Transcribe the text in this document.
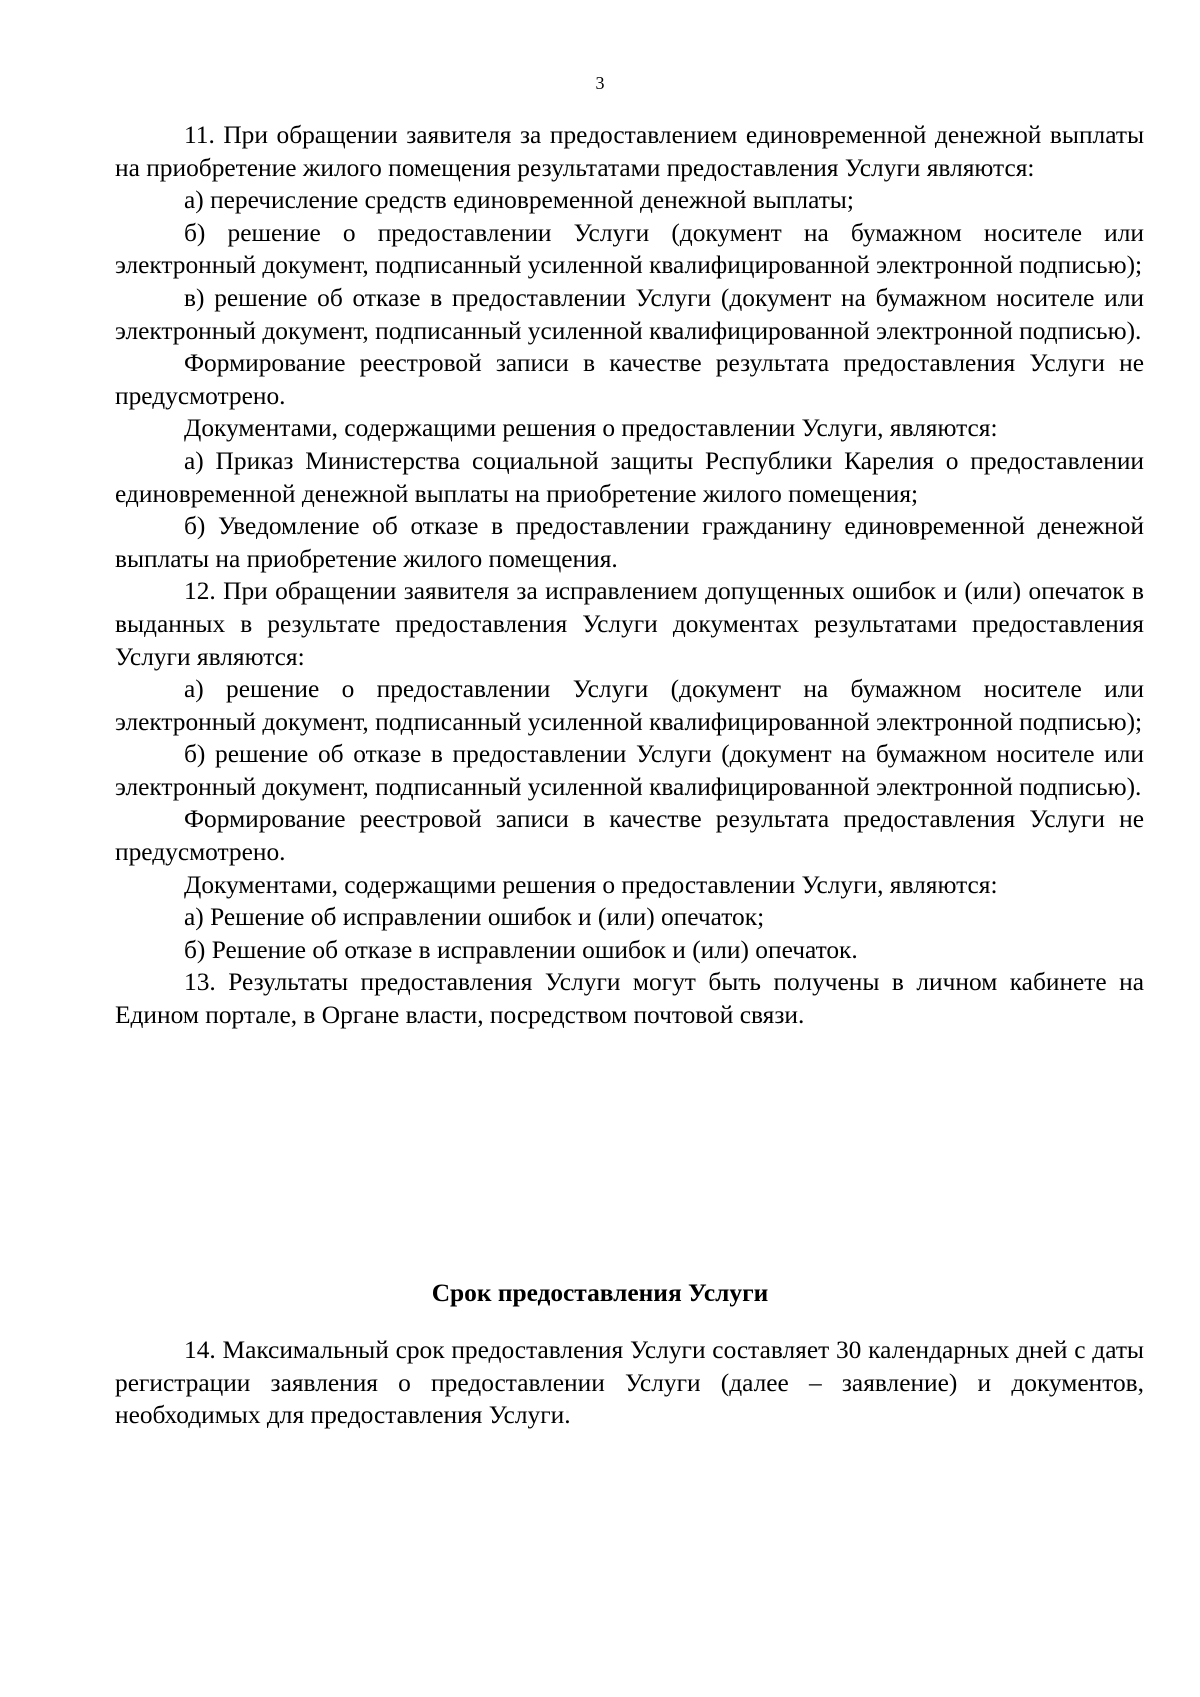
3

11. При обращении заявителя за предоставлением единовременной денежной выплаты на приобретение жилого помещения результатами предоставления Услуги являются:

а) перечисление средств единовременной денежной выплаты;

б) решение о предоставлении Услуги (документ на бумажном носителе или электронный документ, подписанный усиленной квалифицированной электронной подписью);

в) решение об отказе в предоставлении Услуги (документ на бумажном носителе или электронный документ, подписанный усиленной квалифицированной электронной подписью).

Формирование реестровой записи в качестве результата предоставления Услуги не предусмотрено.

Документами, содержащими решения о предоставлении Услуги, являются:

а) Приказ Министерства социальной защиты Республики Карелия о предоставлении единовременной денежной выплаты на приобретение жилого помещения;

б) Уведомление об отказе в предоставлении гражданину единовременной денежной выплаты на приобретение жилого помещения.

12. При обращении заявителя за исправлением допущенных ошибок и (или) опечаток в выданных в результате предоставления Услуги документах результатами предоставления Услуги являются:

а) решение о предоставлении Услуги (документ на бумажном носителе или электронный документ, подписанный усиленной квалифицированной электронной подписью);

б) решение об отказе в предоставлении Услуги (документ на бумажном носителе или электронный документ, подписанный усиленной квалифицированной электронной подписью).

Формирование реестровой записи в качестве результата предоставления Услуги не предусмотрено.

Документами, содержащими решения о предоставлении Услуги, являются:

а) Решение об исправлении ошибок и (или) опечаток;

б) Решение об отказе в исправлении ошибок и (или) опечаток.

13. Результаты предоставления Услуги могут быть получены в личном кабинете на Едином портале, в Органе власти, посредством почтовой связи.

Срок предоставления Услуги

14. Максимальный срок предоставления Услуги составляет 30 календарных дней с даты регистрации заявления о предоставлении Услуги (далее – заявление) и документов, необходимых для предоставления Услуги.
